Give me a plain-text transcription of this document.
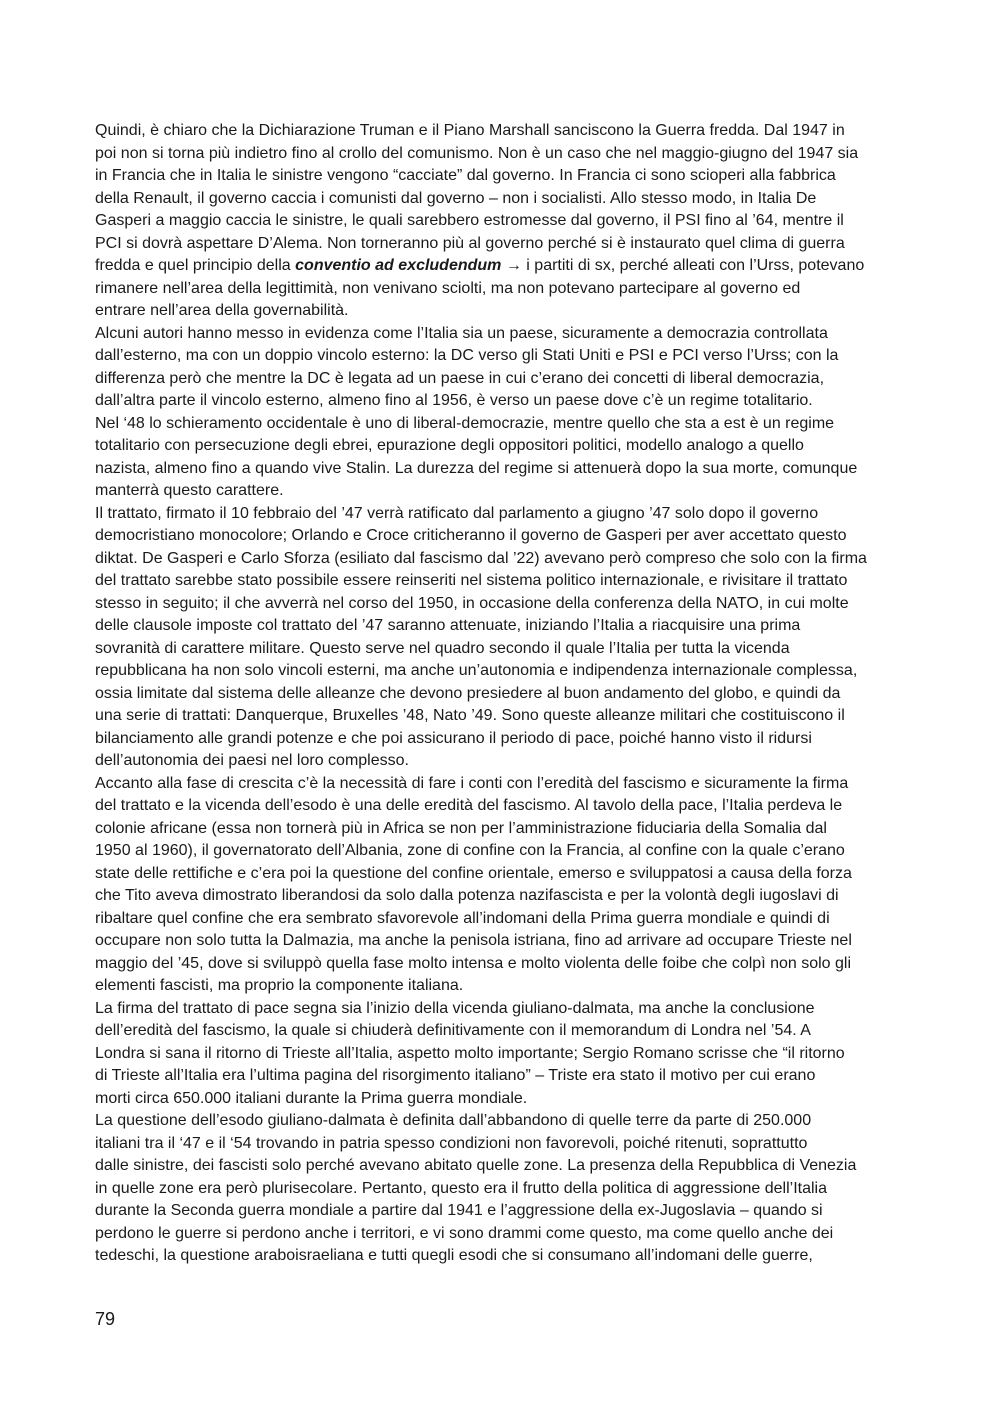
Quindi, è chiaro che la Dichiarazione Truman e il Piano Marshall sanciscono la Guerra fredda. Dal 1947 in
poi non si torna più indietro fino al crollo del comunismo. Non è un caso che nel maggio-giugno del 1947 sia
in Francia che in Italia le sinistre vengono “cacciate” dal governo. In Francia ci sono scioperi alla fabbrica
della Renault, il governo caccia i comunisti dal governo – non i socialisti. Allo stesso modo, in Italia De
Gasperi a maggio caccia le sinistre, le quali sarebbero estromesse dal governo, il PSI fino al ’64, mentre il
PCI si dovrà aspettare D’Alema. Non torneranno più al governo perché si è instaurato quel clima di guerra
fredda e quel principio della conventio ad excludendum → i partiti di sx, perché alleati con l’Urss, potevano
rimanere nell’area della legittimità, non venivano sciolti, ma non potevano partecipare al governo ed
entrare nell’area della governabilità.
Alcuni autori hanno messo in evidenza come l’Italia sia un paese, sicuramente a democrazia controllata
dall’esterno, ma con un doppio vincolo esterno: la DC verso gli Stati Uniti e PSI e PCI verso l’Urss; con la
differenza però che mentre la DC è legata ad un paese in cui c’erano dei concetti di liberal democrazia,
dall’altra parte il vincolo esterno, almeno fino al 1956, è verso un paese dove c’è un regime totalitario.
Nel ‘48 lo schieramento occidentale è uno di liberal-democrazie, mentre quello che sta a est è un regime
totalitario con persecuzione degli ebrei, epurazione degli oppositori politici, modello analogo a quello
nazista, almeno fino a quando vive Stalin. La durezza del regime si attenuerà dopo la sua morte, comunque
manterrà questo carattere.
Il trattato, firmato il 10 febbraio del ’47 verrà ratificato dal parlamento a giugno ’47 solo dopo il governo
democristiano monocolore; Orlando e Croce criticheranno il governo de Gasperi per aver accettato questo
diktat. De Gasperi e Carlo Sforza (esiliato dal fascismo dal ’22) avevano però compreso che solo con la firma
del trattato sarebbe stato possibile essere reinseriti nel sistema politico internazionale, e rivisitare il trattato
stesso in seguito; il che avverrà nel corso del 1950, in occasione della conferenza della NATO, in cui molte
delle clausole imposte col trattato del ’47 saranno attenuate, iniziando l’Italia a riacquisire una prima
sovranità di carattere militare. Questo serve nel quadro secondo il quale l’Italia per tutta la vicenda
repubblicana ha non solo vincoli esterni, ma anche un’autonomia e indipendenza internazionale complessa,
ossia limitate dal sistema delle alleanze che devono presiedere al buon andamento del globo, e quindi da
una serie di trattati: Danquerque, Bruxelles ’48, Nato ’49. Sono queste alleanze militari che costituiscono il
bilanciamento alle grandi potenze e che poi assicurano il periodo di pace, poiché hanno visto il ridursi
dell’autonomia dei paesi nel loro complesso.
Accanto alla fase di crescita c’è la necessità di fare i conti con l’eredità del fascismo e sicuramente la firma
del trattato e la vicenda dell’esodo è una delle eredità del fascismo. Al tavolo della pace, l’Italia perdeva le
colonie africane (essa non tornerà più in Africa se non per l’amministrazione fiduciaria della Somalia dal
1950 al 1960), il governatorato dell’Albania, zone di confine con la Francia, al confine con la quale c’erano
state delle rettifiche e c’era poi la questione del confine orientale, emerso e sviluppatosi a causa della forza
che Tito aveva dimostrato liberandosi da solo dalla potenza nazifascista e per la volontà degli iugoslavi di
ribaltare quel confine che era sembrato sfavorevole all’indomani della Prima guerra mondiale e quindi di
occupare non solo tutta la Dalmazia, ma anche la penisola istriana, fino ad arrivare ad occupare Trieste nel
maggio del ’45, dove si sviluppò quella fase molto intensa e molto violenta delle foibe che colpì non solo gli
elementi fascisti, ma proprio la componente italiana.
La firma del trattato di pace segna sia l’inizio della vicenda giuliano-dalmata, ma anche la conclusione
dell’eredità del fascismo, la quale si chiuderà definitivamente con il memorandum di Londra nel ’54. A
Londra si sana il ritorno di Trieste all’Italia, aspetto molto importante; Sergio Romano scrisse che “il ritorno
di Trieste all’Italia era l’ultima pagina del risorgimento italiano” – Triste era stato il motivo per cui erano
morti circa 650.000 italiani durante la Prima guerra mondiale.
La questione dell’esodo giuliano-dalmata è definita dall’abbandono di quelle terre da parte di 250.000
italiani tra il ‘47 e il ‘54 trovando in patria spesso condizioni non favorevoli, poiché ritenuti, soprattutto
dalle sinistre, dei fascisti solo perché avevano abitato quelle zone. La presenza della Repubblica di Venezia
in quelle zone era però plurisecolare. Pertanto, questo era il frutto della politica di aggressione dell’Italia
durante la Seconda guerra mondiale a partire dal 1941 e l’aggressione della ex-Jugoslavia – quando si
perdono le guerre si perdono anche i territori, e vi sono drammi come questo, ma come quello anche dei
tedeschi, la questione araboisraeliana e tutti quegli esodi che si consumano all’indomani delle guerre,
79
